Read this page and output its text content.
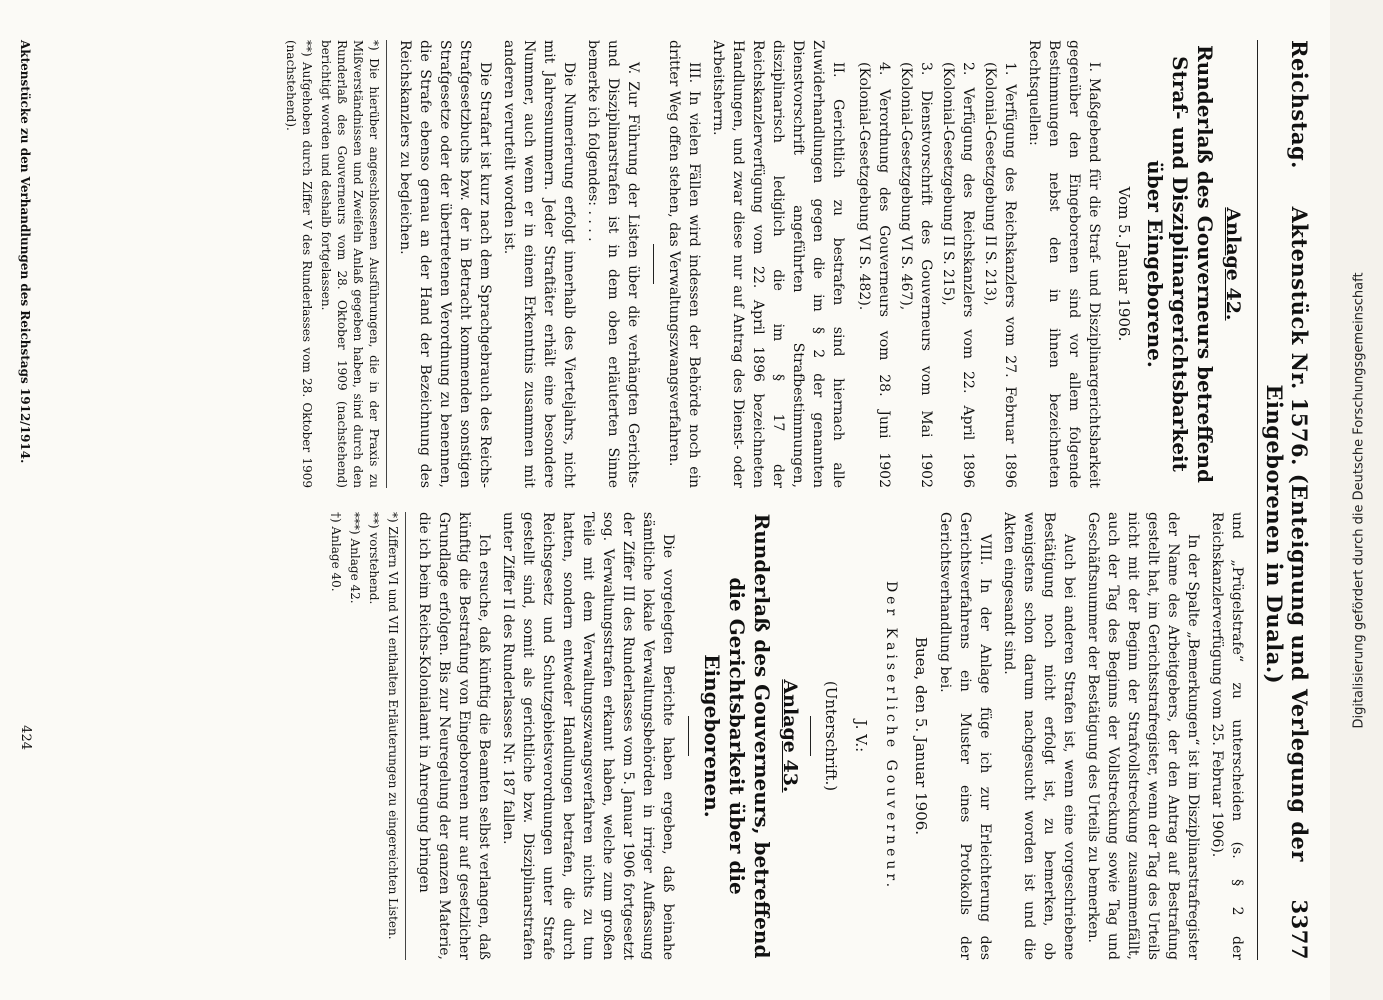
Reichstag.
Aktenstück Nr. 1576. (Enteignung und Verlegung der Eingeborenen in Duala.)
3377
Anlage 42.
Runderlaß des Gouverneurs betreffend Straf- und Disziplinargerichtsbarkeit über Eingeborene.
Vom 5. Januar 1906.

I. Maßgebend für die Straf- und Disziplinargerichtsbarkeit gegenüber den Eingeborenen sind vor allem folgende Bestimmungen nebst den in ihnen bezeichneten Rechtsquellen:

1. Verfügung des Reichskanzlers vom 27. Februar 1896 (Kolonial-Gesetzgebung II S. 213),
2. Verfügung des Reichskanzlers vom 22. April 1896 (Kolonial-Gesetzgebung II S. 215),
3. Dienstvorschrift des Gouverneurs vom Mai 1902 (Kolonial-Gesetzgebung VI S. 467),
4. Verordnung des Gouverneurs vom 28. Juni 1902 (Kolonial-Gesetzgebung VI S. 482).

II. Gerichtlich zu bestrafen sind hiernach alle Zuwiderhandlungen gegen die im § 2 der genannten Dienstvorschrift angeführten Strafbestimmungen, disziplinarisch lediglich die im § 17 der Reichskanzlerverfügung vom 22. April 1896 bezeichneten Handlungen, und zwar diese nur auf Antrag des Dienst- oder Arbeitsherrn.

III. In vielen Fällen wird indessen der Behörde noch ein dritter Weg offen stehen, das Verwaltungszwangsverfahren.

V. Zur Führung der Listen über die verhängten Gerichts- und Disziplinarstrafen ist in dem oben erläuterten Sinne bemerke ich folgendes: . . . .

Die Numerierung erfolgt innerhalb des Vierteljahrs, nicht mit Jahresnummern. Jeder Straftäter erhält eine besondere Nummer, auch wenn er in einem Erkenntnis zusammen mit anderen verurteilt worden ist.

Die Strafart ist kurz nach dem Sprachgebrauch des Reichs-Strafgesetzbuchs bzw. der in Betracht kommenden sonstigen Strafgesetze oder der übertretenen Verordnung zu benennen, die Strafe ebenso genau an der Hand der Bezeichnung des Reichskanzlers zu begleichen.

*) Die hierüber angeschlossenen Ausführungen, die in der Praxis zu Mißverständnissen und Zweifeln Anlaß gegeben haben, sind durch den Runderlaß des Gouverneurs vom 28. Oktober 1909 (nachstehend) berichtigt worden und deshalb fortgelassen.

**) Aufgehoben durch Ziffer V des Runderlasses vom 28. Oktober 1909 (nachstehend).

und „Prügelstrafe“ zu unterscheiden (s. § 2 der Reichskanzlerverfügung vom 25. Februar 1906).

In der Spalte „Bemerkungen“ ist im Disziplinarstrafregister der Name des Arbeitgebers, der den Antrag auf Bestrafung gestellt hat, im Gerichtsstrafregister, wenn der Tag des Urteils nicht mit der Beginn der Strafvollstreckung zusammenfällt, auch der Tag des Beginns der Vollstreckung sowie Tag und Geschäftsnummer der Bestätigung des Urteils zu bemerken.

Auch bei anderen Strafen ist, wenn eine vorgeschriebene Bestätigung noch nicht erfolgt ist, zu bemerken, ob wenigstens schon darum nachgesucht worden ist und die Akten eingesandt sind.

VIII. In der Anlage füge ich zur Erleichterung des Gerichtsverfahrens ein Muster eines Protokolls der Gerichtsverhandlung bei.

Buea, den 5. Januar 1906.
Der Kaiserliche Gouverneur.
J. V.:
(Unterschrift.)
Anlage 43.
Runderlaß des Gouverneurs, betreffend die Gerichtsbarkeit über die Eingeborenen.

Die vorgelegten Berichte haben ergeben, daß beinahe sämtliche lokale Verwaltungsbehörden in irriger Auffassung der Ziffer III des Runderlasses vom 5. Januar 1906 fortgesetzt sog. Verwaltungsstrafen erkannt haben, welche zum großen Teile mit dem Verwaltungszwangsverfahren nichts zu tun hatten, sondern entweder Handlungen betrafen, die durch Reichsgesetz und Schutzgebietsverordnungen unter Strafe gestellt sind, somit als gerichtliche bzw. Disziplinarstrafen unter Ziffer II des Runderlasses Nr. 187 fallen.

Ich ersuche, daß künftig die Beamten selbst verlangen, daß künftig die Bestrafung von Eingeborenen nur auf gesetzlicher Grundlage erfolgen. Bis zur Neuregelung der ganzen Materie, die ich beim Reichs-Kolonialamt in Anregung bringen

*) Ziffern VI und VII enthalten Erläuterungen zu eingereichten Listen.

**) vorstehend.

***) Anlage 42.

†) Anlage 40.

Aktenstücke zu den Verhandlungen des Reichstags 1912/1914.
424
Digitalisierung gefördert durch die Deutsche Forschungsgemeinschaft
